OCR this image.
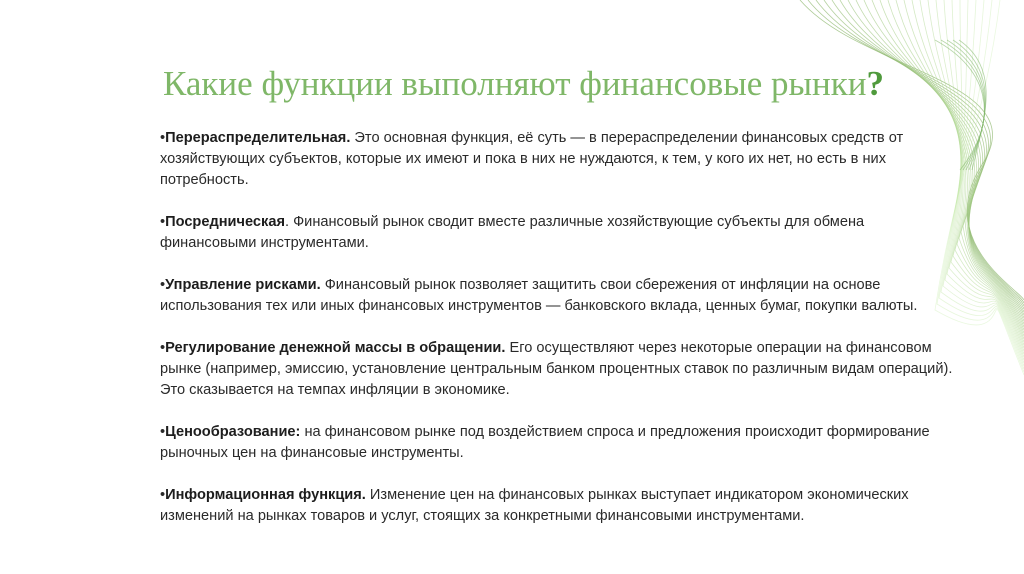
Какие функции выполняют финансовые рынки?

•Перераспределительная. Это основная функция, её суть — в перераспределении финансовых средств от хозяйствующих субъектов, которые их имеют и пока в них не нуждаются, к тем, у кого их нет, но есть в них потребность.

•Посредническая. Финансовый рынок сводит вместе различные хозяйствующие субъекты для обмена финансовыми инструментами.

•Управление рисками. Финансовый рынок позволяет защитить свои сбережения от инфляции на основе использования тех или иных финансовых инструментов — банковского вклада, ценных бумаг, покупки валюты.

•Регулирование денежной массы в обращении. Его осуществляют через некоторые операции на финансовом рынке (например, эмиссию, установление центральным банком процентных ставок по различным видам операций). Это сказывается на темпах инфляции в экономике.

•Ценообразование: на финансовом рынке под воздействием спроса и предложения происходит формирование рыночных цен на финансовые инструменты.

•Информационная функция. Изменение цен на финансовых рынках выступает индикатором экономических изменений на рынках товаров и услуг, стоящих за конкретными финансовыми инструментами.
